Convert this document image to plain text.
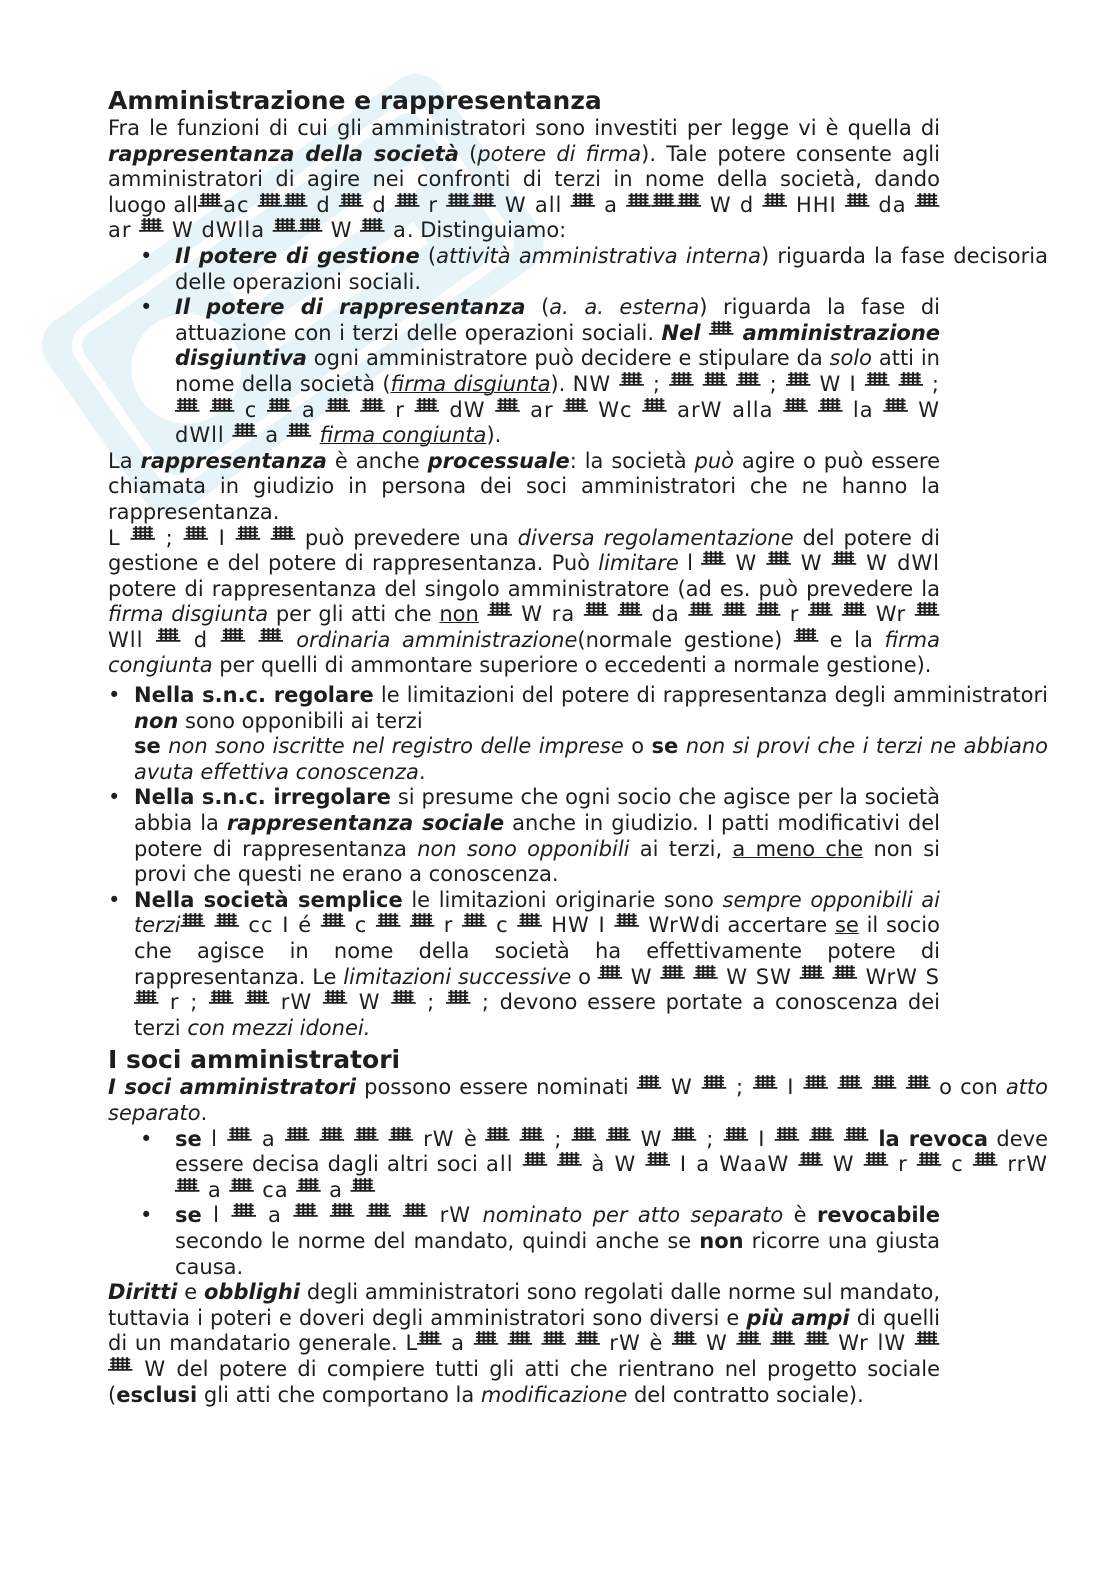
Amministrazione e rappresentanza

Fra le funzioni di cui gli amministratori sono investiti per legge vi è quella di rappresentanza della società (potere di firma). Tale potere consente agli amministratori di agire nei confronti di terzi in nome della società, dando luogo allᚙac ᚙᚙ d ᚙ d ᚙ r ᚙᚙ W all ᚙ a ᚙᚙᚙ W d ᚙ HHI ᚙ da ᚙ ar ᚙ W dWlla ᚙᚙ W ᚙ a. Distinguiamo:

• Il potere di gestione (attività amministrativa interna) riguarda la fase decisoria delle operazioni sociali.
• Il potere di rappresentanza (a. a. esterna) riguarda la fase di attuazione con i terzi delle operazioni sociali. Nel ᚙ amministrazione disgiuntiva ogni amministratore può decidere e stipulare da solo atti in nome della società (firma disgiunta). NW ᚙ ; ᚙ ᚙ ᚙ ; ᚙ W I ᚙ ᚙ ; ᚙ ᚙ c ᚙ a ᚙ ᚙ r ᚙ dW ᚙ ar ᚙ Wc ᚙ arW alla ᚙ ᚙ la ᚙ W dWll ᚙ a ᚙ firma congiunta).

La rappresentanza è anche processuale: la società può agire o può essere chiamata in giudizio in persona dei soci amministratori che ne hanno la rappresentanza.

L ᚙ ; ᚙ I ᚙ ᚙ può prevedere una diversa regolamentazione del potere di gestione e del potere di rappresentanza. Può limitare l ᚙ W ᚙ W ᚙ W dWl potere di rappresentanza del singolo amministratore (ad es. può prevedere la firma disgiunta per gli atti che non ᚙ W ra ᚙ ᚙ da ᚙ ᚙ ᚙ r ᚙ ᚙ Wr ᚙ Wll ᚙ d ᚙ ᚙ ordinaria amministrazione(normale gestione) ᚙ e la firma congiunta per quelli di ammontare superiore o eccedenti a normale gestione).

• Nella s.n.c. regolare le limitazioni del potere di rappresentanza degli amministratori non sono opponibili ai terzi
se non sono iscritte nel registro delle imprese o se non si provi che i terzi ne abbiano avuta effettiva conoscenza.
• Nella s.n.c. irregolare si presume che ogni socio che agisce per la società abbia la rappresentanza sociale anche in giudizio. I patti modificativi del potere di rappresentanza non sono opponibili ai terzi, a meno che non si provi che questi ne erano a conoscenza.
• Nella società semplice le limitazioni originarie sono sempre opponibili ai terziᚙ ᚙ cc I é ᚙ c ᚙ ᚙ r ᚙ c ᚙ HW I ᚙ WrWdi accertare se il socio che agisce in nome della società ha effettivamente potere di rappresentanza. Le limitazioni successive o ᚙ W ᚙ ᚙ W SW ᚙ ᚙ WrW S ᚙ r ; ᚙ ᚙ rW ᚙ W ᚙ ; ᚙ ; devono essere portate a conoscenza dei terzi con mezzi idonei.
I soci amministratori

I soci amministratori possono essere nominati ᚙ W ᚙ ; ᚙ I ᚙ ᚙ ᚙ ᚙ o con atto separato.

• se l ᚙ a ᚙ ᚙ ᚙ ᚙ rW è ᚙ ᚙ ; ᚙ ᚙ W ᚙ ; ᚙ I ᚙ ᚙ ᚙ la revoca deve essere decisa dagli altri soci all ᚙ ᚙ à W ᚙ I a WaaW ᚙ W ᚙ r ᚙ c ᚙ rrW ᚙ a ᚙ ca ᚙ a ᚙ
• se l ᚙ a ᚙ ᚙ ᚙ ᚙ rW nominato per atto separato è revocabile secondo le norme del mandato, quindi anche se non ricorre una giusta causa.

Diritti e obblighi degli amministratori sono regolati dalle norme sul mandato, tuttavia i poteri e doveri degli amministratori sono diversi e più ampi di quelli di un mandatario generale. Lᚙ a ᚙ ᚙ ᚙ ᚙ rW è ᚙ W ᚙ ᚙ ᚙ Wr lW ᚙ ᚙ W del potere di compiere tutti gli atti che rientrano nel progetto sociale (esclusi gli atti che comportano la modificazione del contratto sociale).
